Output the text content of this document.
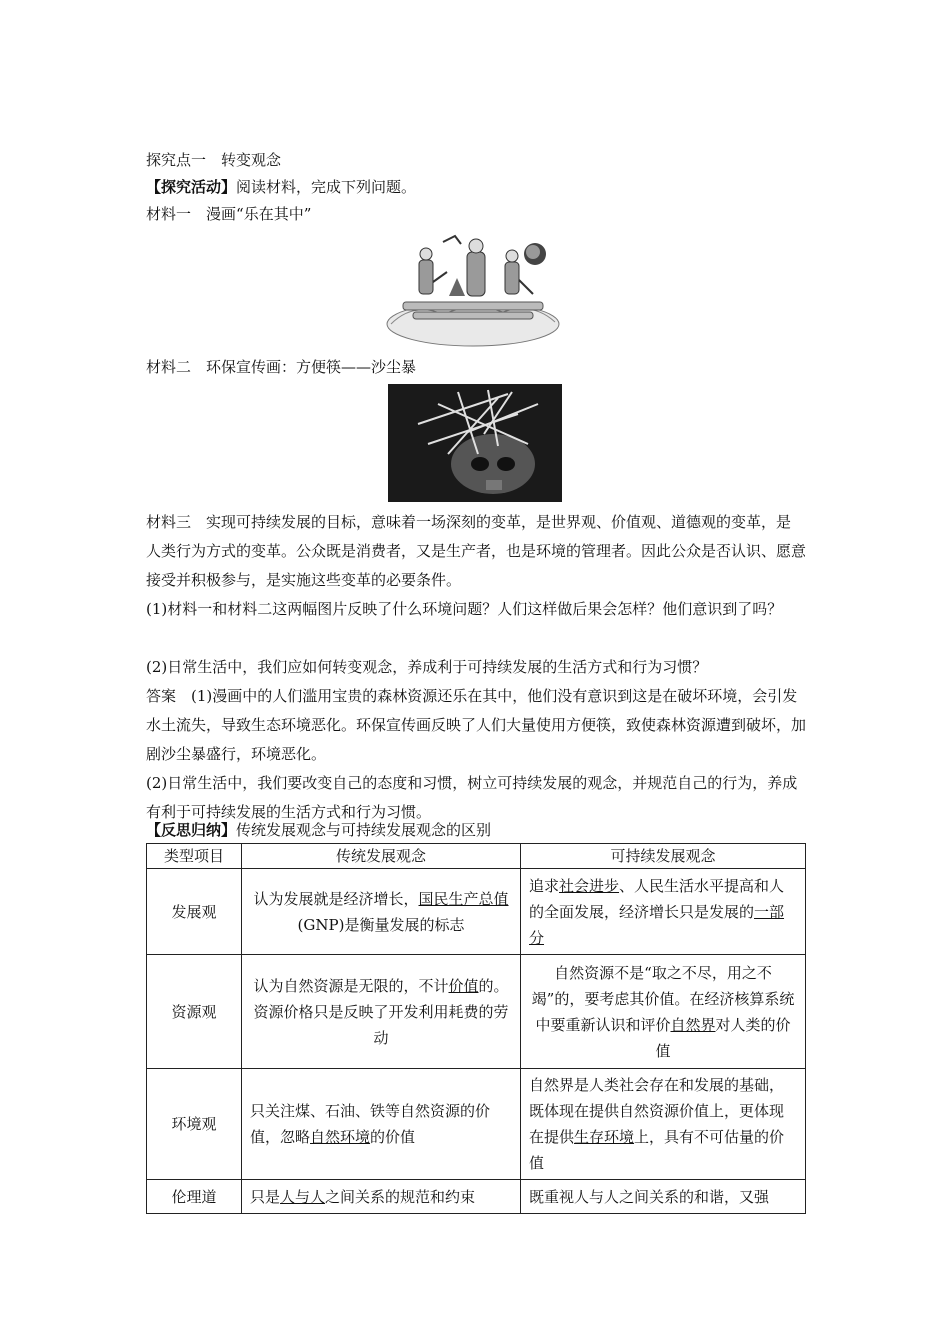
探究点一　转变观念
【探究活动】阅读材料，完成下列问题。
材料一　 漫画“乐在其中”
材料二　 环保宣传画：方便筷——沙尘暴
材料三　 实现可持续发展的目标，意味着一场深刻的变革，是世界观、价值观、道德观的变革，是人类行为方式的变革。公众既是消费者，又是生产者，也是环境的管理者。因此公众是否认识、愿意接受并积极参与，是实施这些变革的必要条件。
(1)材料一和材料二这两幅图片反映了什么环境问题？人们这样做后果会怎样？他们意识到了吗？
(2)日常生活中，我们应如何转变观念，养成利于可持续发展的生活方式和行为习惯？
答案　 (1)漫画中的人们滥用宝贵的森林资源还乐在其中，他们没有意识到这是在破坏环境，会引发水土流失，导致生态环境恶化。环保宣传画反映了人们大量使用方便筷，致使森林资源遭到破坏，加剧沙尘暴盛行，环境恶化。
(2)日常生活中，我们要改变自己的态度和习惯，树立可持续发展的观念，并规范自己的行为，养成有利于可持续发展的生活方式和行为习惯。
【反思归纳】传统发展观念与可持续发展观念的区别
类型项目	传统发展观念	可持续发展观念
发展观	认为发展就是经济增长，国民生产总值(GNP)是衡量发展的标志	追求社会进步、人民生活水平提高和人的全面发展，经济增长只是发展的一部分
资源观	认为自然资源是无限的，不计价值的。资源价格只是反映了开发利用耗费的劳动	自然资源不是“取之不尽，用之不竭”的，要考虑其价值。在经济核算系统中要重新认识和评价自然界对人类的价值
环境观	只关注煤、石油、铁等自然资源的价值，忽略自然环境的价值	自然界是人类社会存在和发展的基础，既体现在提供自然资源价值上，更体现在提供生存环境上，具有不可估量的价值
伦理道	只是人与人之间关系的规范和约束	既重视人与人之间关系的和谐，又强
